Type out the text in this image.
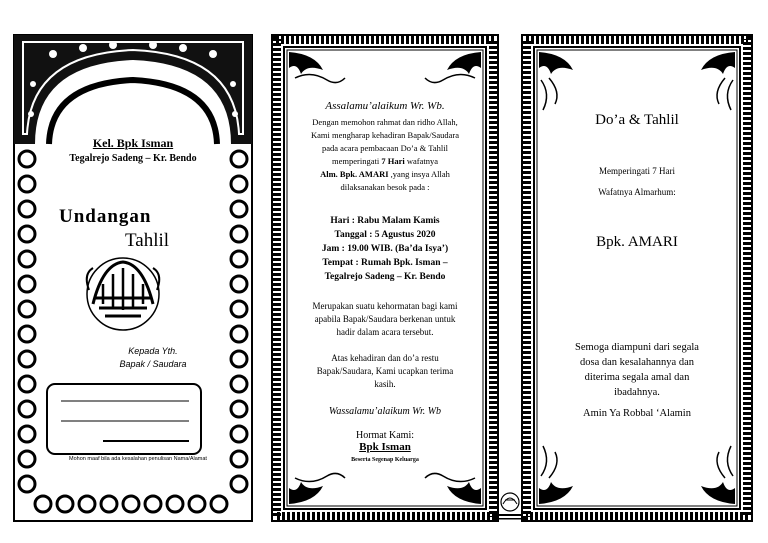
Kel. Bpk Isman
Tegalrejo Sadeng – Kr. Bendo
Undangan
Tahlil
Kepada Yth.
Bapak / Saudara
Mohon maaf bila ada kesalahan penulisan Nama/Alamat
Assalamu’alaikum Wr. Wb.
Dengan memohon rahmat dan ridho Allah,
Kami mengharap kehadiran Bapak/Saudara
pada acara pembacaan Do’a & Tahlil
memperingati 7 Hari wafatnya
Alm. Bpk. AMARI ,yang insya Allah
dilaksanakan besok pada :
Hari : Rabu Malam Kamis
Tanggal : 5 Agustus 2020
Jam : 19.00 WIB. (Ba’da Isya’)
Tempat : Rumah Bpk. Isman –
Tegalrejo Sadeng – Kr. Bendo
Merupakan suatu kehormatan bagi kami
apabila Bapak/Saudara berkenan untuk
hadir dalam acara tersebut.
Atas kehadiran dan do’a restu
Bapak/Saudara, Kami ucapkan terima
kasih.
Wassalamu’alaikum Wr. Wb
Hormat Kami:
Bpk Isman
Beserta Segenap Keluarga
Do’a & Tahlil
Memperingati 7 Hari
Wafatnya Almarhum:
Bpk. AMARI
Semoga diampuni dari segala
dosa dan kesalahannya dan
diterima segala amal dan
ibadahnya.
Amin Ya Robbal ‘Alamin
